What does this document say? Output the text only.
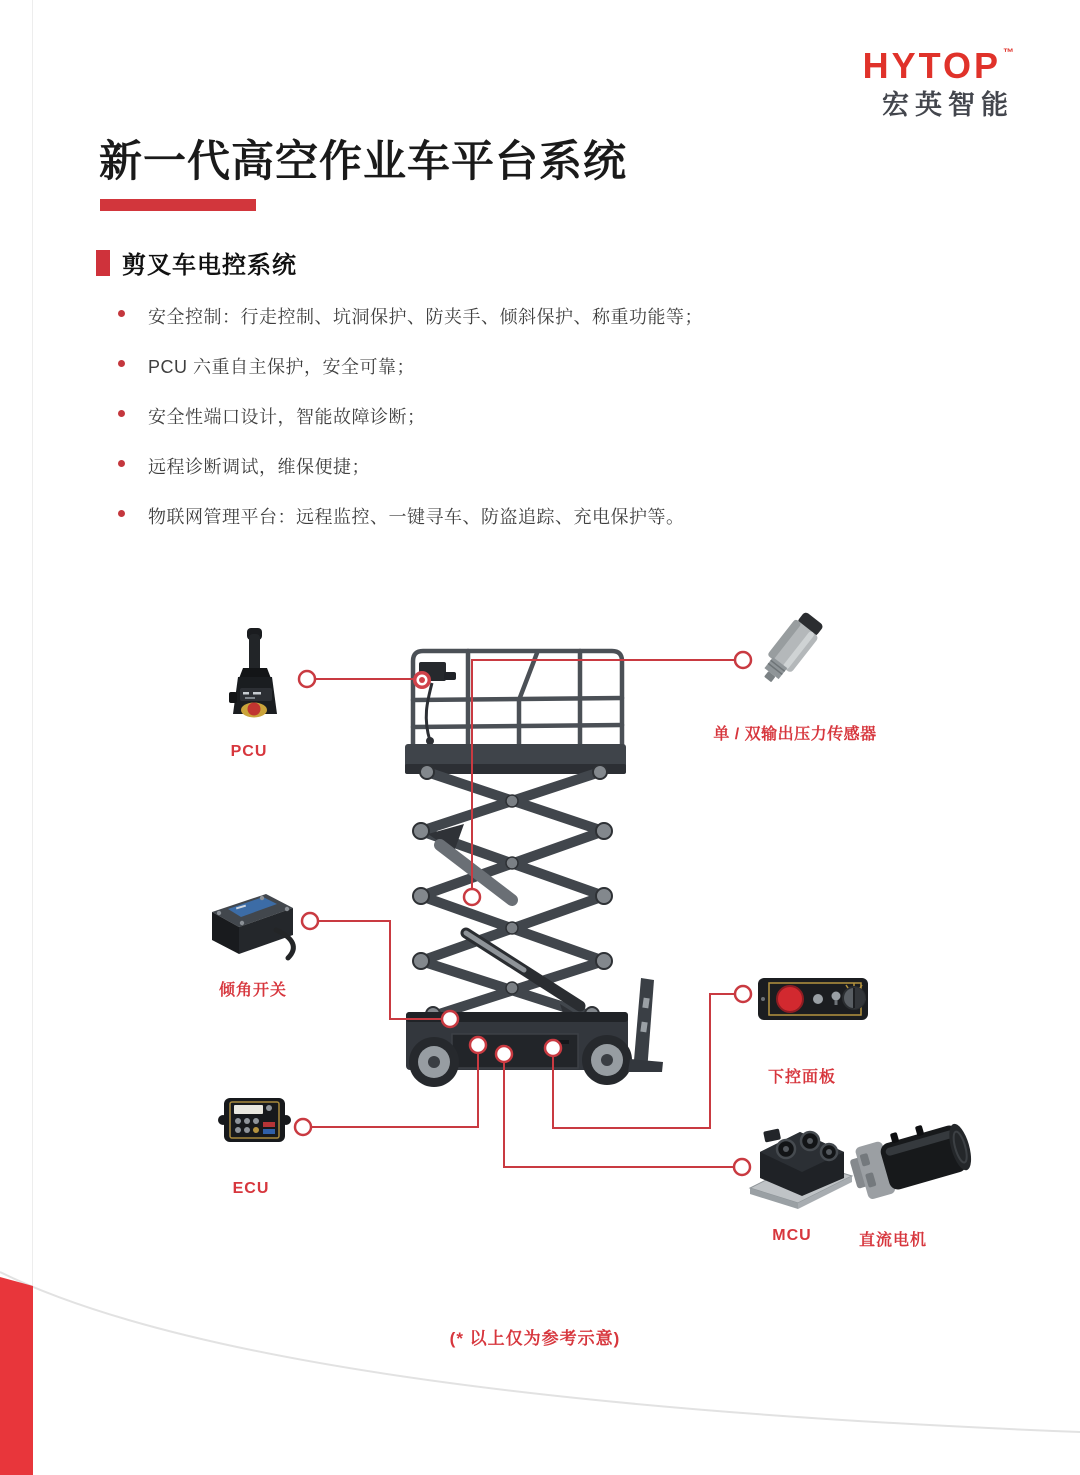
HYTOP ™
宏英智能
新一代高空作业车平台系统
剪叉车电控系统
安全控制：行走控制、坑洞保护、防夹手、倾斜保护、称重功能等；
PCU 六重自主保护，安全可靠；
安全性端口设计，智能故障诊断；
远程诊断调试，维保便捷；
物联网管理平台：远程监控、一键寻车、防盗追踪、充电保护等。
PCU
单 / 双输出压力传感器
倾角开关
下控面板
ECU
MCU	直流电机
(* 以上仅为参考示意)
